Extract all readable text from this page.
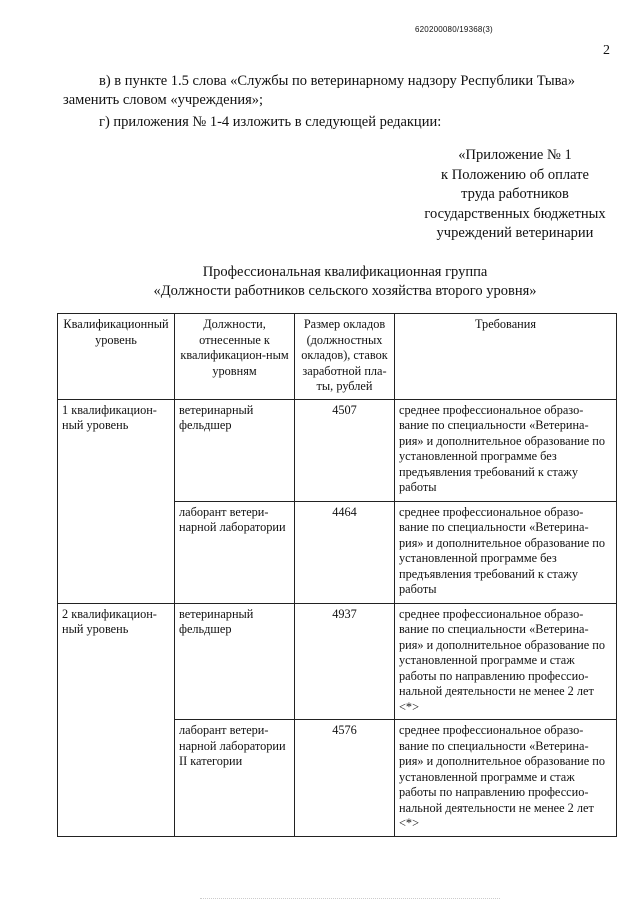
620200080/19368(3)
2
в) в пункте 1.5 слова «Службы по ветеринарному надзору Республики Тыва» заменить словом «учреждения»;
г) приложения № 1-4 изложить в следующей редакции:
«Приложение № 1
к Положению об оплате
труда работников
государственных бюджетных
учреждений ветеринарии
Профессиональная квалификационная группа
«Должности работников сельского хозяйства второго уровня»
Квалификационный уровень	Должности, отнесенные к квалификацион-ным уровням	Размер окладов (должностных окладов), ставок заработной пла-ты, рублей	Требования
1 квалификацион-ный уровень	ветеринарный фельдшер	4507	среднее профессиональное образо-вание по специальности «Ветерина-рия» и дополнительное образование по установленной программе без предъявления требований к стажу работы
	лаборант ветери-нарной лаборатории	4464	среднее профессиональное образо-вание по специальности «Ветерина-рия» и дополнительное образование по установленной программе без предъявления требований к стажу работы
2 квалификацион-ный уровень	ветеринарный фельдшер	4937	среднее профессиональное образо-вание по специальности «Ветерина-рия» и дополнительное образование по установленной программе и стаж работы по направлению профессио-нальной деятельности не менее 2 лет <*>
	лаборант ветери-нарной лаборатории II категории	4576	среднее профессиональное образо-вание по специальности «Ветерина-рия» и дополнительное образование по установленной программе и стаж работы по направлению профессио-нальной деятельности не менее 2 лет <*>
